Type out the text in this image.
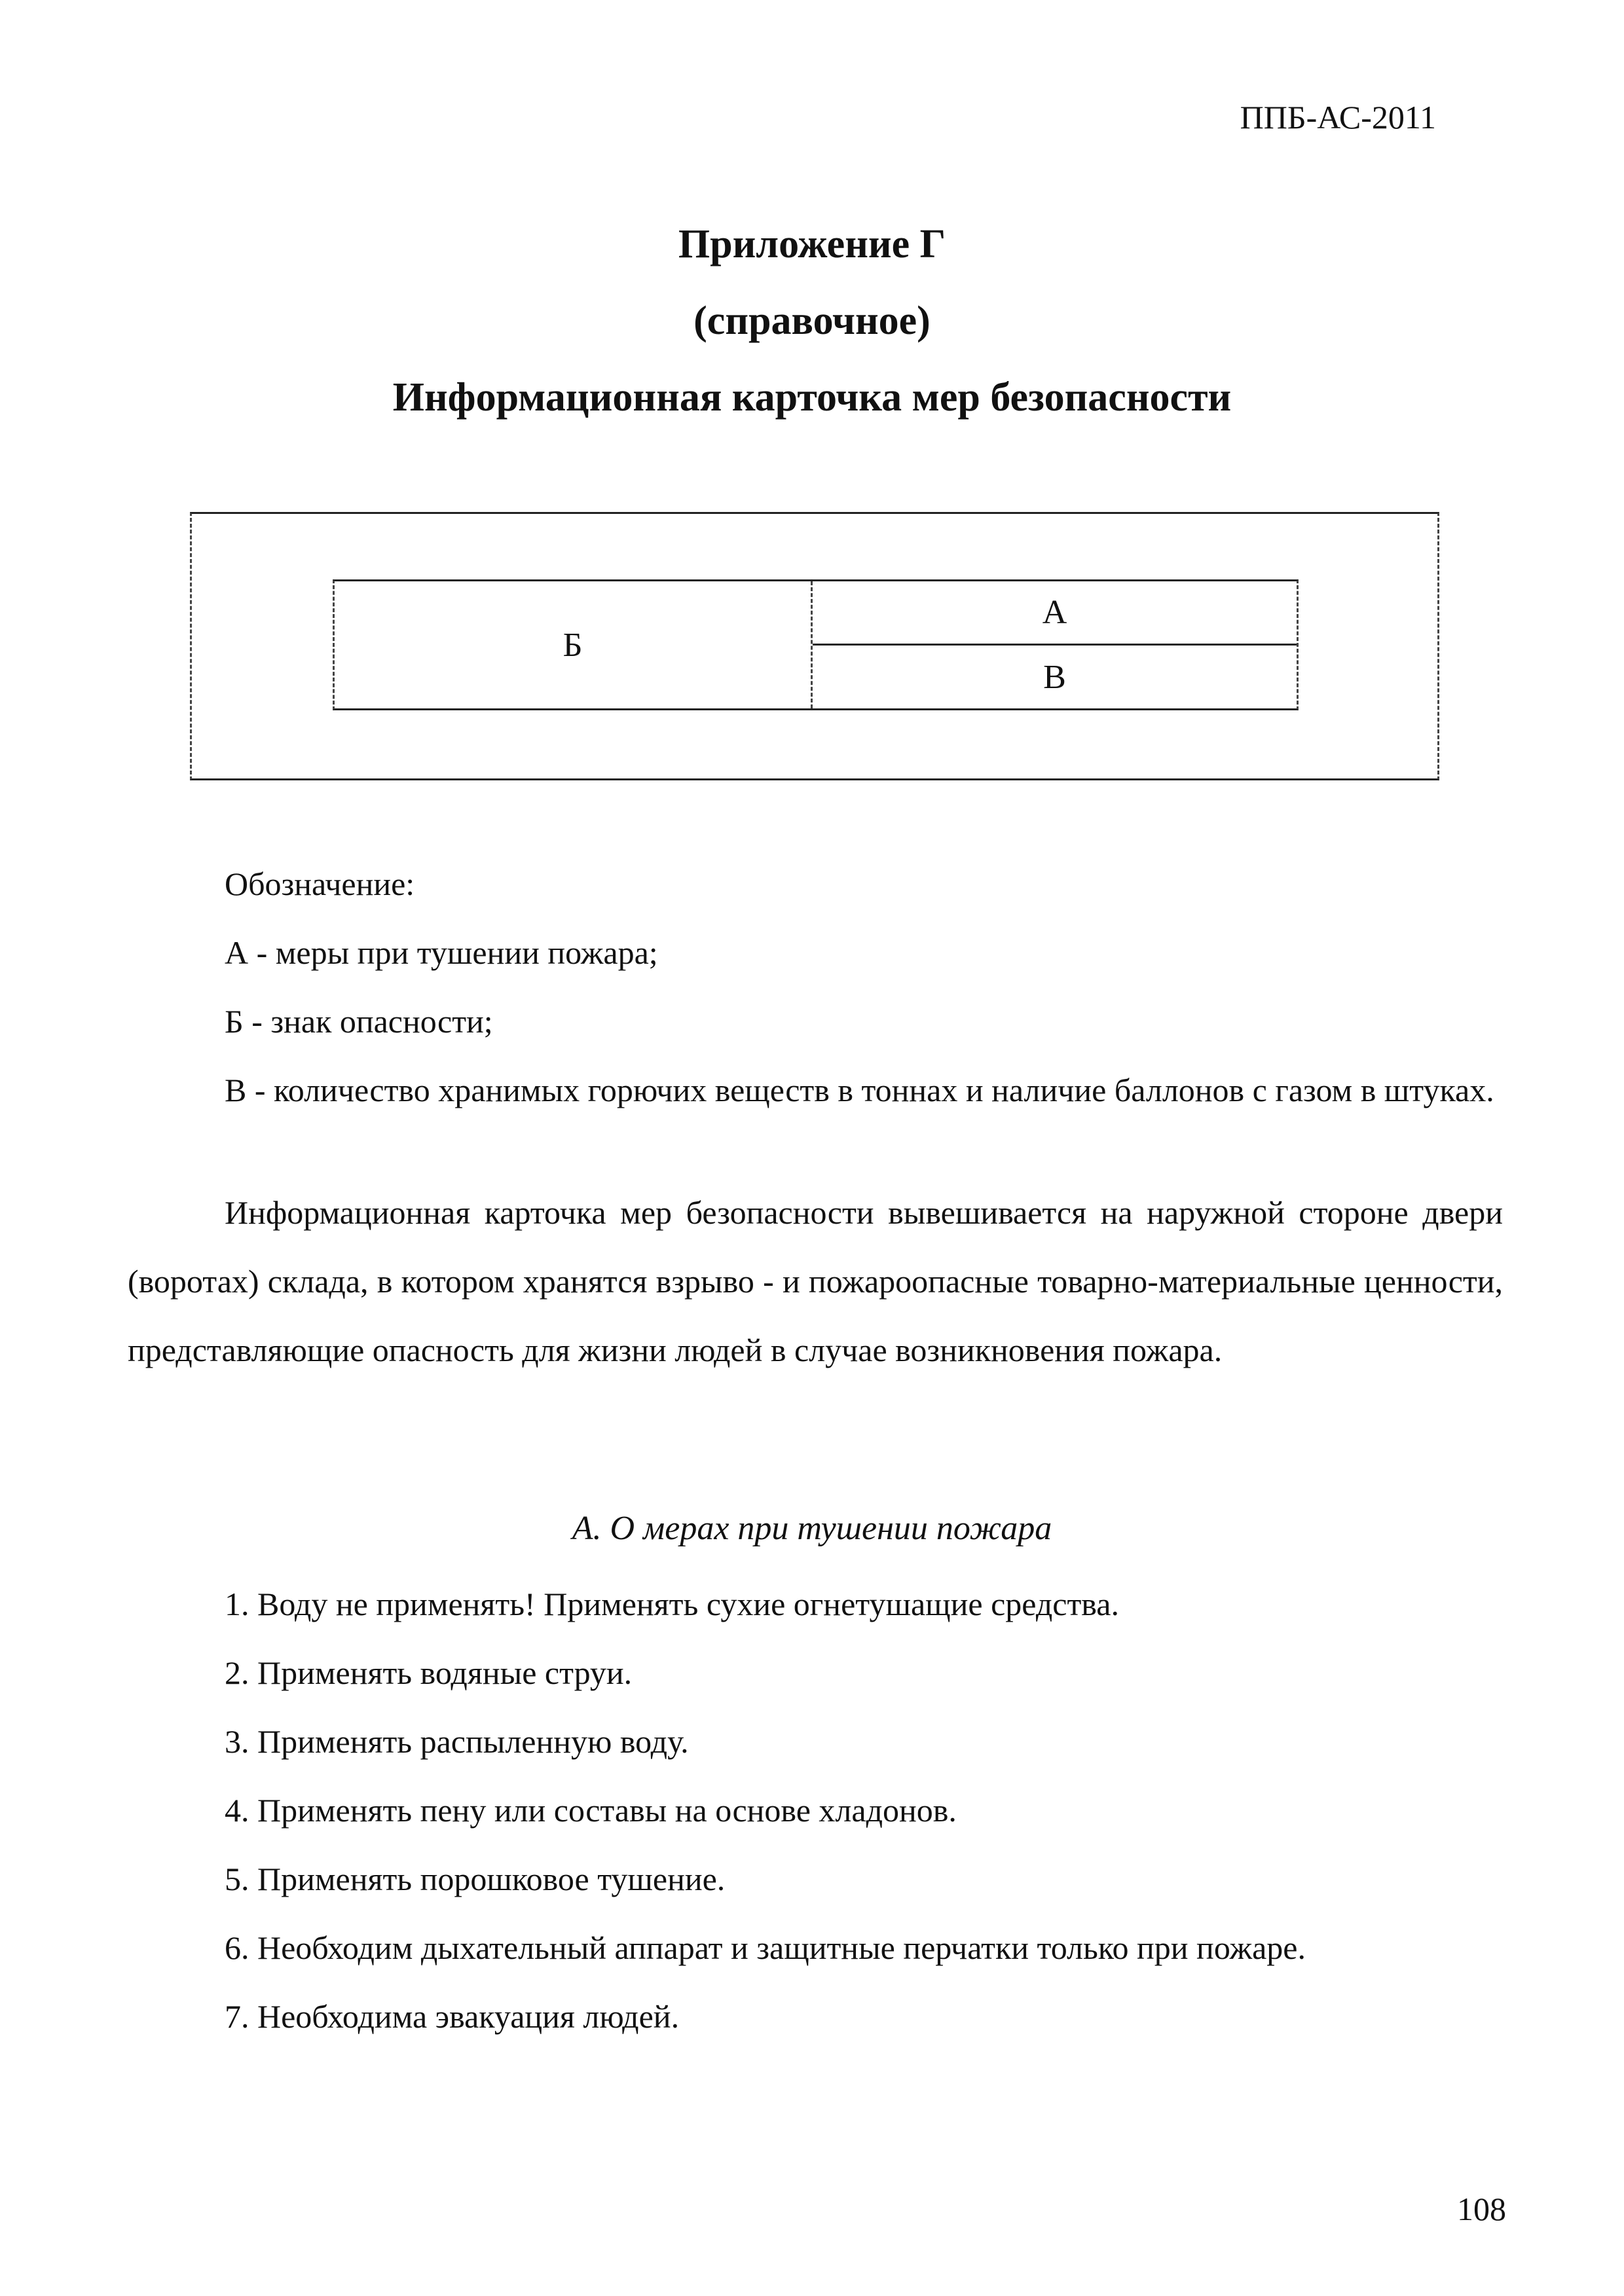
ППБ-АС-2011
Приложение Г
(справочное)
Информационная карточка мер безопасности
Б
А
В
Обозначение:
А - меры при тушении пожара;
Б - знак опасности;
В - количество хранимых горючих веществ в тоннах и наличие баллонов с газом в штуках.
Информационная карточка мер безопасности вывешивается на наружной стороне двери (воротах) склада, в котором хранятся взрыво - и пожароопасные товарно-материальные ценности, представляющие опасность для жизни людей в случае возникновения пожара.
А. О мерах при тушении пожара
1. Воду не применять! Применять сухие огнетушащие средства.
2. Применять водяные струи.
3. Применять распыленную воду.
4. Применять пену или составы на основе хладонов.
5. Применять порошковое тушение.
6. Необходим дыхательный аппарат и защитные перчатки только при пожаре.
7. Необходима эвакуация людей.
108
